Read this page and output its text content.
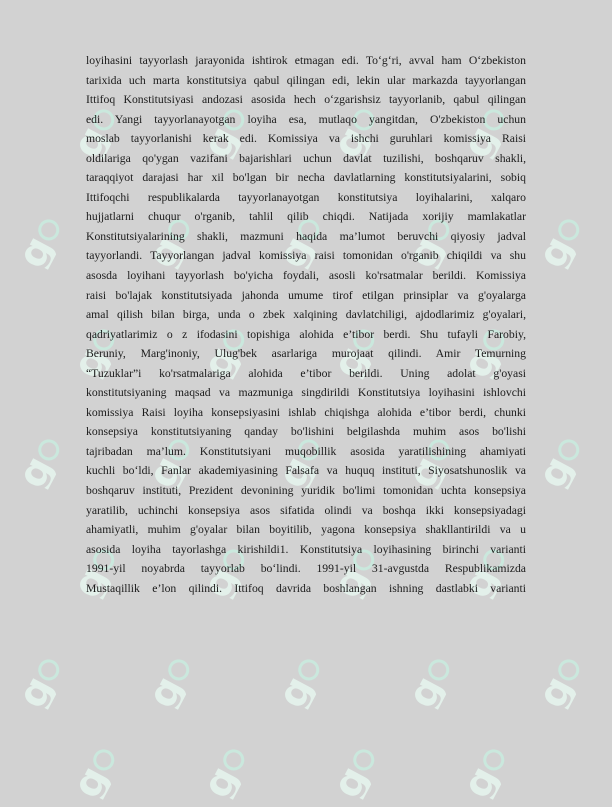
g g g g
g g g g g
g g g g
g g g g g
g g g g
g g g g g
g g g g
loyihasini tayyorlash jarayonida ishtirok etmagan edi. To‘g‘ri, avval ham O‘zbekiston
tarixida uch marta konstitutsiya qabul qilingan edi, lekin ular markazda tayyorlangan
Ittifoq Konstitutsiyasi andozasi asosida hech o‘zgarishsiz tayyorlanib, qabul qilingan
edi. Yangi tayyorlanayotgan loyiha esa, mutlaqo yangitdan, O'zbekiston uchun
moslab tayyorlanishi kerak edi. Komissiya va ishchi guruhlari komissiya Raisi
oldilariga qo'ygan vazifani bajarishlari uchun davlat tuzilishi, boshqaruv shakli,
taraqqiyot darajasi har xil bo'lgan bir necha davlatlarning konstitutsiyalarini, sobiq
Ittifoqchi respublikalarda tayyorlanayotgan konstitutsiya loyihalarini, xalqaro
hujjatlarni chuqur o'rganib, tahlil qilib chiqdi. Natijada xorijiy mamlakatlar
Konstitutsiyalarining shakli, mazmuni haqida ma’lumot beruvchi qiyosiy jadval
tayyorlandi. Tayyorlangan jadval komissiya raisi tomonidan o'rganib chiqildi va shu
asosda loyihani tayyorlash bo'yicha foydali, asosli ko'rsatmalar berildi. Komissiya
raisi bo'lajak konstitutsiyada jahonda umume tirof etilgan prinsiplar va g'oyalarga
amal qilish bilan birga, unda o zbek xalqining davlatchiligi, ajdodlarimiz g'oyalari,
qadriyatlarimiz o z ifodasini topishiga alohida e’tibor berdi. Shu tufayli Farobiy,
Beruniy, Marg'inoniy, Ulug'bek asarlariga murojaat qilindi. Amir Temurning
“Tuzuklar”i ko'rsatmalariga alohida e’tibor berildi. Uning adolat g'oyasi
konstitutsiyaning maqsad va mazmuniga singdirildi Konstitutsiya loyihasini ishlovchi
komissiya Raisi loyiha konsepsiyasini ishlab chiqishga alohida e’tibor berdi, chunki
konsepsiya konstitutsiyaning qanday bo'lishini belgilashda muhim asos bo'lishi
tajribadan ma’lum. Konstitutsiyani muqobillik asosida yaratilishining ahamiyati
kuchli bo‘ldi, Fanlar akademiyasining Falsafa va huquq instituti, Siyosatshunoslik va
boshqaruv instituti, Prezident devonining yuridik bo'limi tomonidan uchta konsepsiya
yaratilib, uchinchi konsepsiya asos sifatida olindi va boshqa ikki konsepsiyadagi
ahamiyatli, muhim g'oyalar bilan boyitilib, yagona konsepsiya shakllantirildi va u
asosida loyiha tayorlashga kirishildi1. Konstitutsiya loyihasining birinchi varianti
1991-yil noyabrda tayyorlab bo‘lindi. 1991-yil 31-avgustda Respublikamizda
Mustaqillik e’lon qilindi. Ittifoq davrida boshlangan ishning dastlabki varianti
